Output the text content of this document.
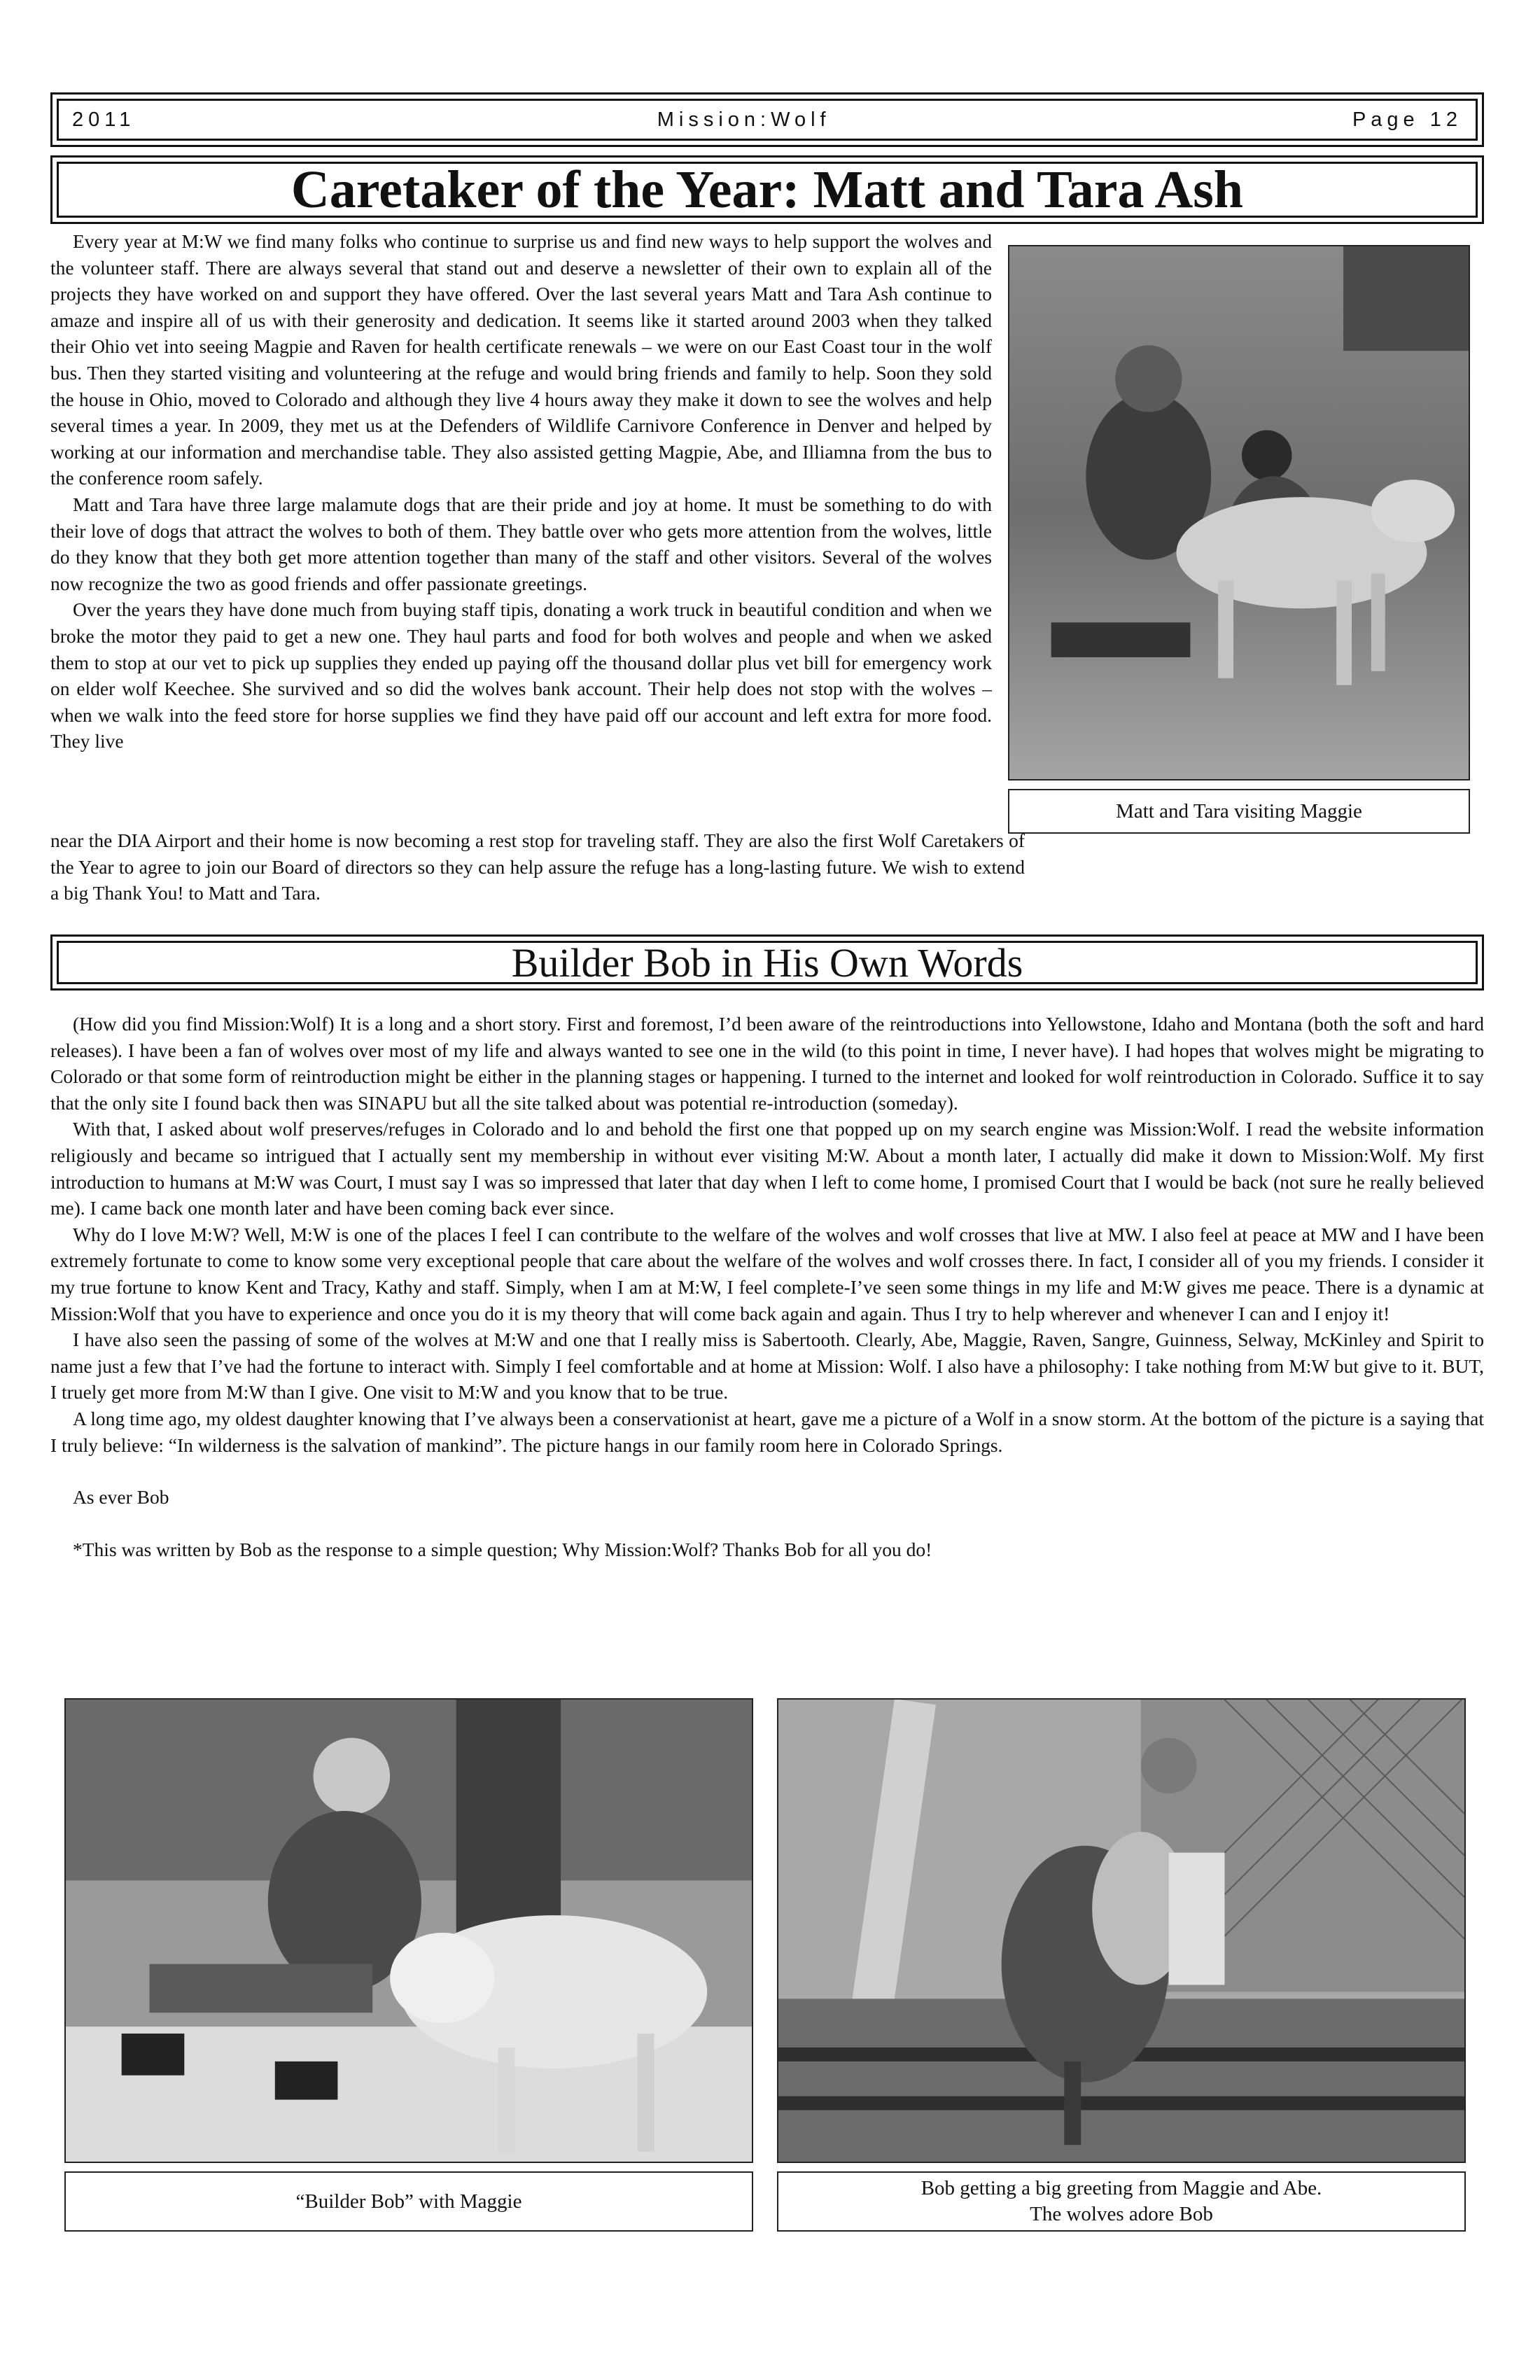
2011	Mission:Wolf	Page 12
Caretaker of the Year: Matt and Tara Ash

Every year at M:W we find many folks who continue to surprise us and find new ways to help support the wolves and the volunteer staff. There are always several that stand out and deserve a newsletter of their own to explain all of the projects they have worked on and support they have offered. Over the last several years Matt and Tara Ash continue to amaze and inspire all of us with their generosity and dedication. It seems like it started around 2003 when they talked their Ohio vet into seeing Magpie and Raven for health certificate renewals – we were on our East Coast tour in the wolf bus. Then they started visiting and volunteering at the refuge and would bring friends and family to help. Soon they sold the house in Ohio, moved to Colorado and although they live 4 hours away they make it down to see the wolves and help several times a year. In 2009, they met us at the Defenders of Wildlife Carnivore Conference in Denver and helped by working at our information and merchandise table. They also assisted getting Magpie, Abe, and Illiamna from the bus to the conference room safely.

Matt and Tara have three large malamute dogs that are their pride and joy at home. It must be something to do with their love of dogs that attract the wolves to both of them. They battle over who gets more attention from the wolves, little do they know that they both get more attention together than many of the staff and other visitors. Several of the wolves now recognize the two as good friends and offer passionate greetings.

Over the years they have done much from buying staff tipis, donating a work truck in beautiful condition and when we broke the motor they paid to get a new one. They haul parts and food for both wolves and people and when we asked them to stop at our vet to pick up supplies they ended up paying off the thousand dollar plus vet bill for emergency work on elder wolf Keechee. She survived and so did the wolves bank account. Their help does not stop with the wolves – when we walk into the feed store for horse supplies we find they have paid off our account and left extra for more food. They live

near the DIA Airport and their home is now becoming a rest stop for traveling staff. They are also the first Wolf Caretakers of the Year to agree to join our Board of directors so they can help assure the refuge has a long-lasting future. We wish to extend a big Thank You! to Matt and Tara.

Matt and Tara visiting Maggie
Builder Bob in His Own Words

(How did you find Mission:Wolf) It is a long and a short story. First and foremost, I’d been aware of the reintroductions into Yellowstone, Idaho and Montana (both the soft and hard releases). I have been a fan of wolves over most of my life and always wanted to see one in the wild (to this point in time, I never have). I had hopes that wolves might be migrating to Colorado or that some form of reintroduction might be either in the planning stages or happening. I turned to the internet and looked for wolf reintroduction in Colorado. Suffice it to say that the only site I found back then was SINAPU but all the site talked about was potential re-introduction (someday).

With that, I asked about wolf preserves/refuges in Colorado and lo and behold the first one that popped up on my search engine was Mission:Wolf. I read the website information religiously and became so intrigued that I actually sent my membership in without ever visiting M:W. About a month later, I actually did make it down to Mission:Wolf. My first introduction to humans at M:W was Court, I must say I was so impressed that later that day when I left to come home, I promised Court that I would be back (not sure he really believed me). I came back one month later and have been coming back ever since.

Why do I love M:W? Well, M:W is one of the places I feel I can contribute to the welfare of the wolves and wolf crosses that live at MW. I also feel at peace at MW and I have been extremely fortunate to come to know some very exceptional people that care about the welfare of the wolves and wolf crosses there. In fact, I consider all of you my friends. I consider it my true fortune to know Kent and Tracy, Kathy and staff. Simply, when I am at M:W, I feel complete-I’ve seen some things in my life and M:W gives me peace. There is a dynamic at Mission:Wolf that you have to experience and once you do it is my theory that will come back again and again. Thus I try to help wherever and whenever I can and I enjoy it!

I have also seen the passing of some of the wolves at M:W and one that I really miss is Sabertooth. Clearly, Abe, Maggie, Raven, Sangre, Guinness, Selway, McKinley and Spirit to name just a few that I’ve had the fortune to interact with. Simply I feel comfortable and at home at Mission: Wolf. I also have a philosophy: I take nothing from M:W but give to it. BUT, I truely get more from M:W than I give. One visit to M:W and you know that to be true.

A long time ago, my oldest daughter knowing that I’ve always been a conservationist at heart, gave me a picture of a Wolf in a snow storm. At the bottom of the picture is a saying that I truly believe: “In wilderness is the salvation of mankind”. The picture hangs in our family room here in Colorado Springs.

As ever Bob

*This was written by Bob as the response to a simple question; Why Mission:Wolf? Thanks Bob for all you do!

“Builder Bob” with Maggie
Bob getting a big greeting from Maggie and Abe.
The wolves adore Bob
